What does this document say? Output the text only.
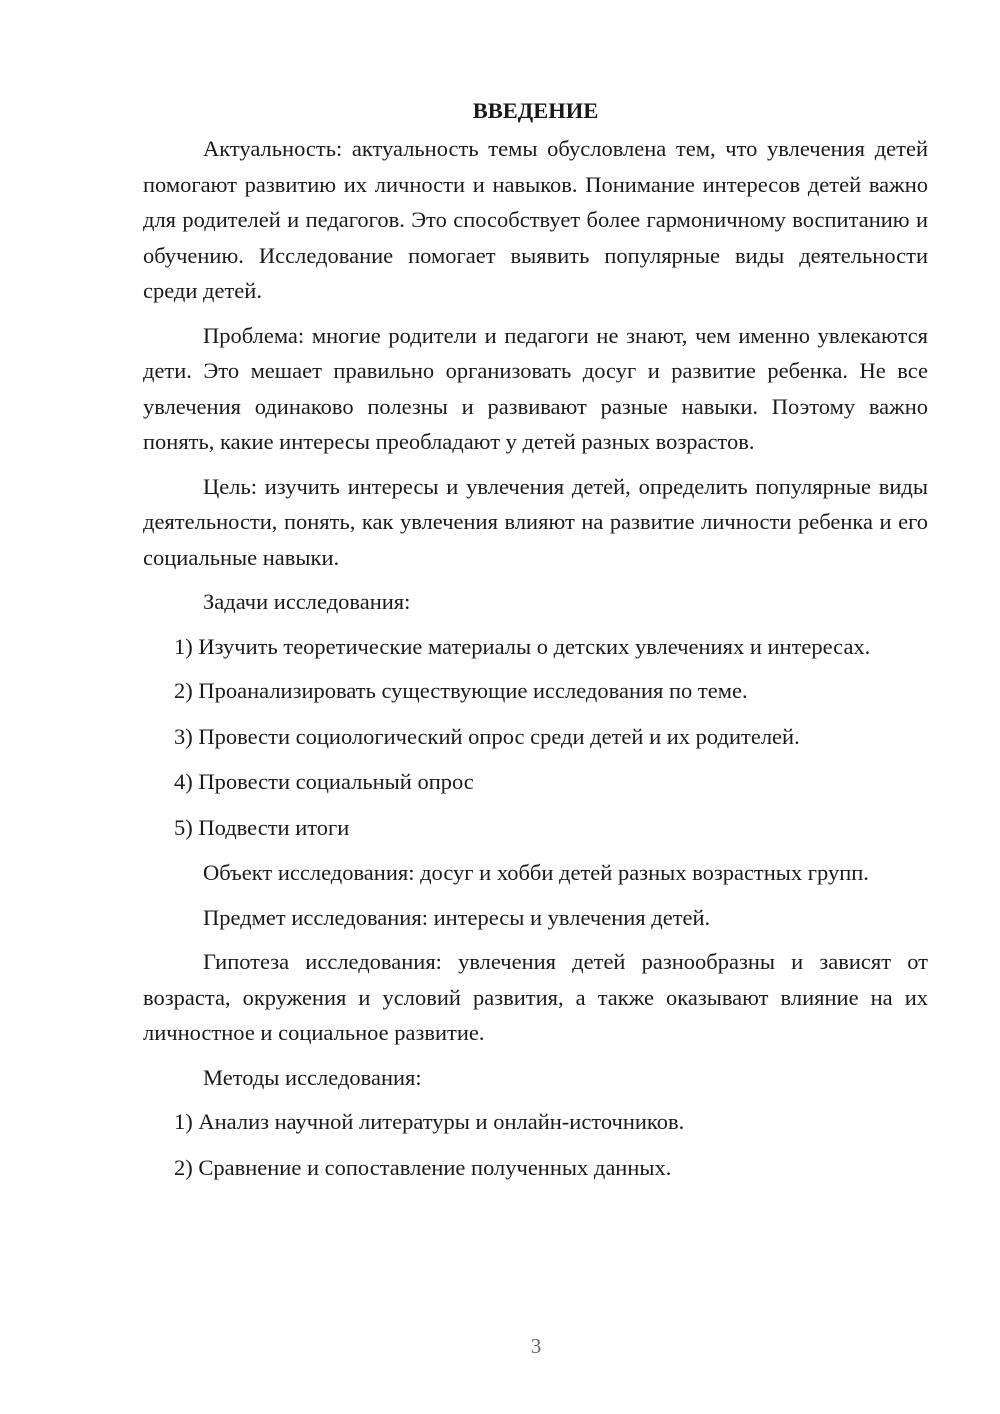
ВВЕДЕНИЕ

Актуальность: актуальность темы обусловлена тем, что увлечения детей помогают развитию их личности и навыков. Понимание интересов детей важно для родителей и педагогов. Это способствует более гармоничному воспитанию и обучению. Исследование помогает выявить популярные виды деятельности среди детей.

Проблема: многие родители и педагоги не знают, чем именно увлекаются дети. Это мешает правильно организовать досуг и развитие ребенка. Не все увлечения одинаково полезны и развивают разные навыки. Поэтому важно понять, какие интересы преобладают у детей разных возрастов.

Цель: изучить интересы и увлечения детей, определить популярные виды деятельности, понять, как увлечения влияют на развитие личности ребенка и его социальные навыки.

Задачи исследования:

1) Изучить теоретические материалы о детских увлечениях и интересах.

2) Проанализировать существующие исследования по теме.

3) Провести социологический опрос среди детей и их родителей.

4) Провести социальный опрос

5) Подвести итоги

Объект исследования: досуг и хобби детей разных возрастных групп.

Предмет исследования: интересы и увлечения детей.

Гипотеза исследования: увлечения детей разнообразны и зависят от возраста, окружения и условий развития, а также оказывают влияние на их личностное и социальное развитие.

Методы исследования:

1) Анализ научной литературы и онлайн-источников.

2) Сравнение и сопоставление полученных данных.

3
